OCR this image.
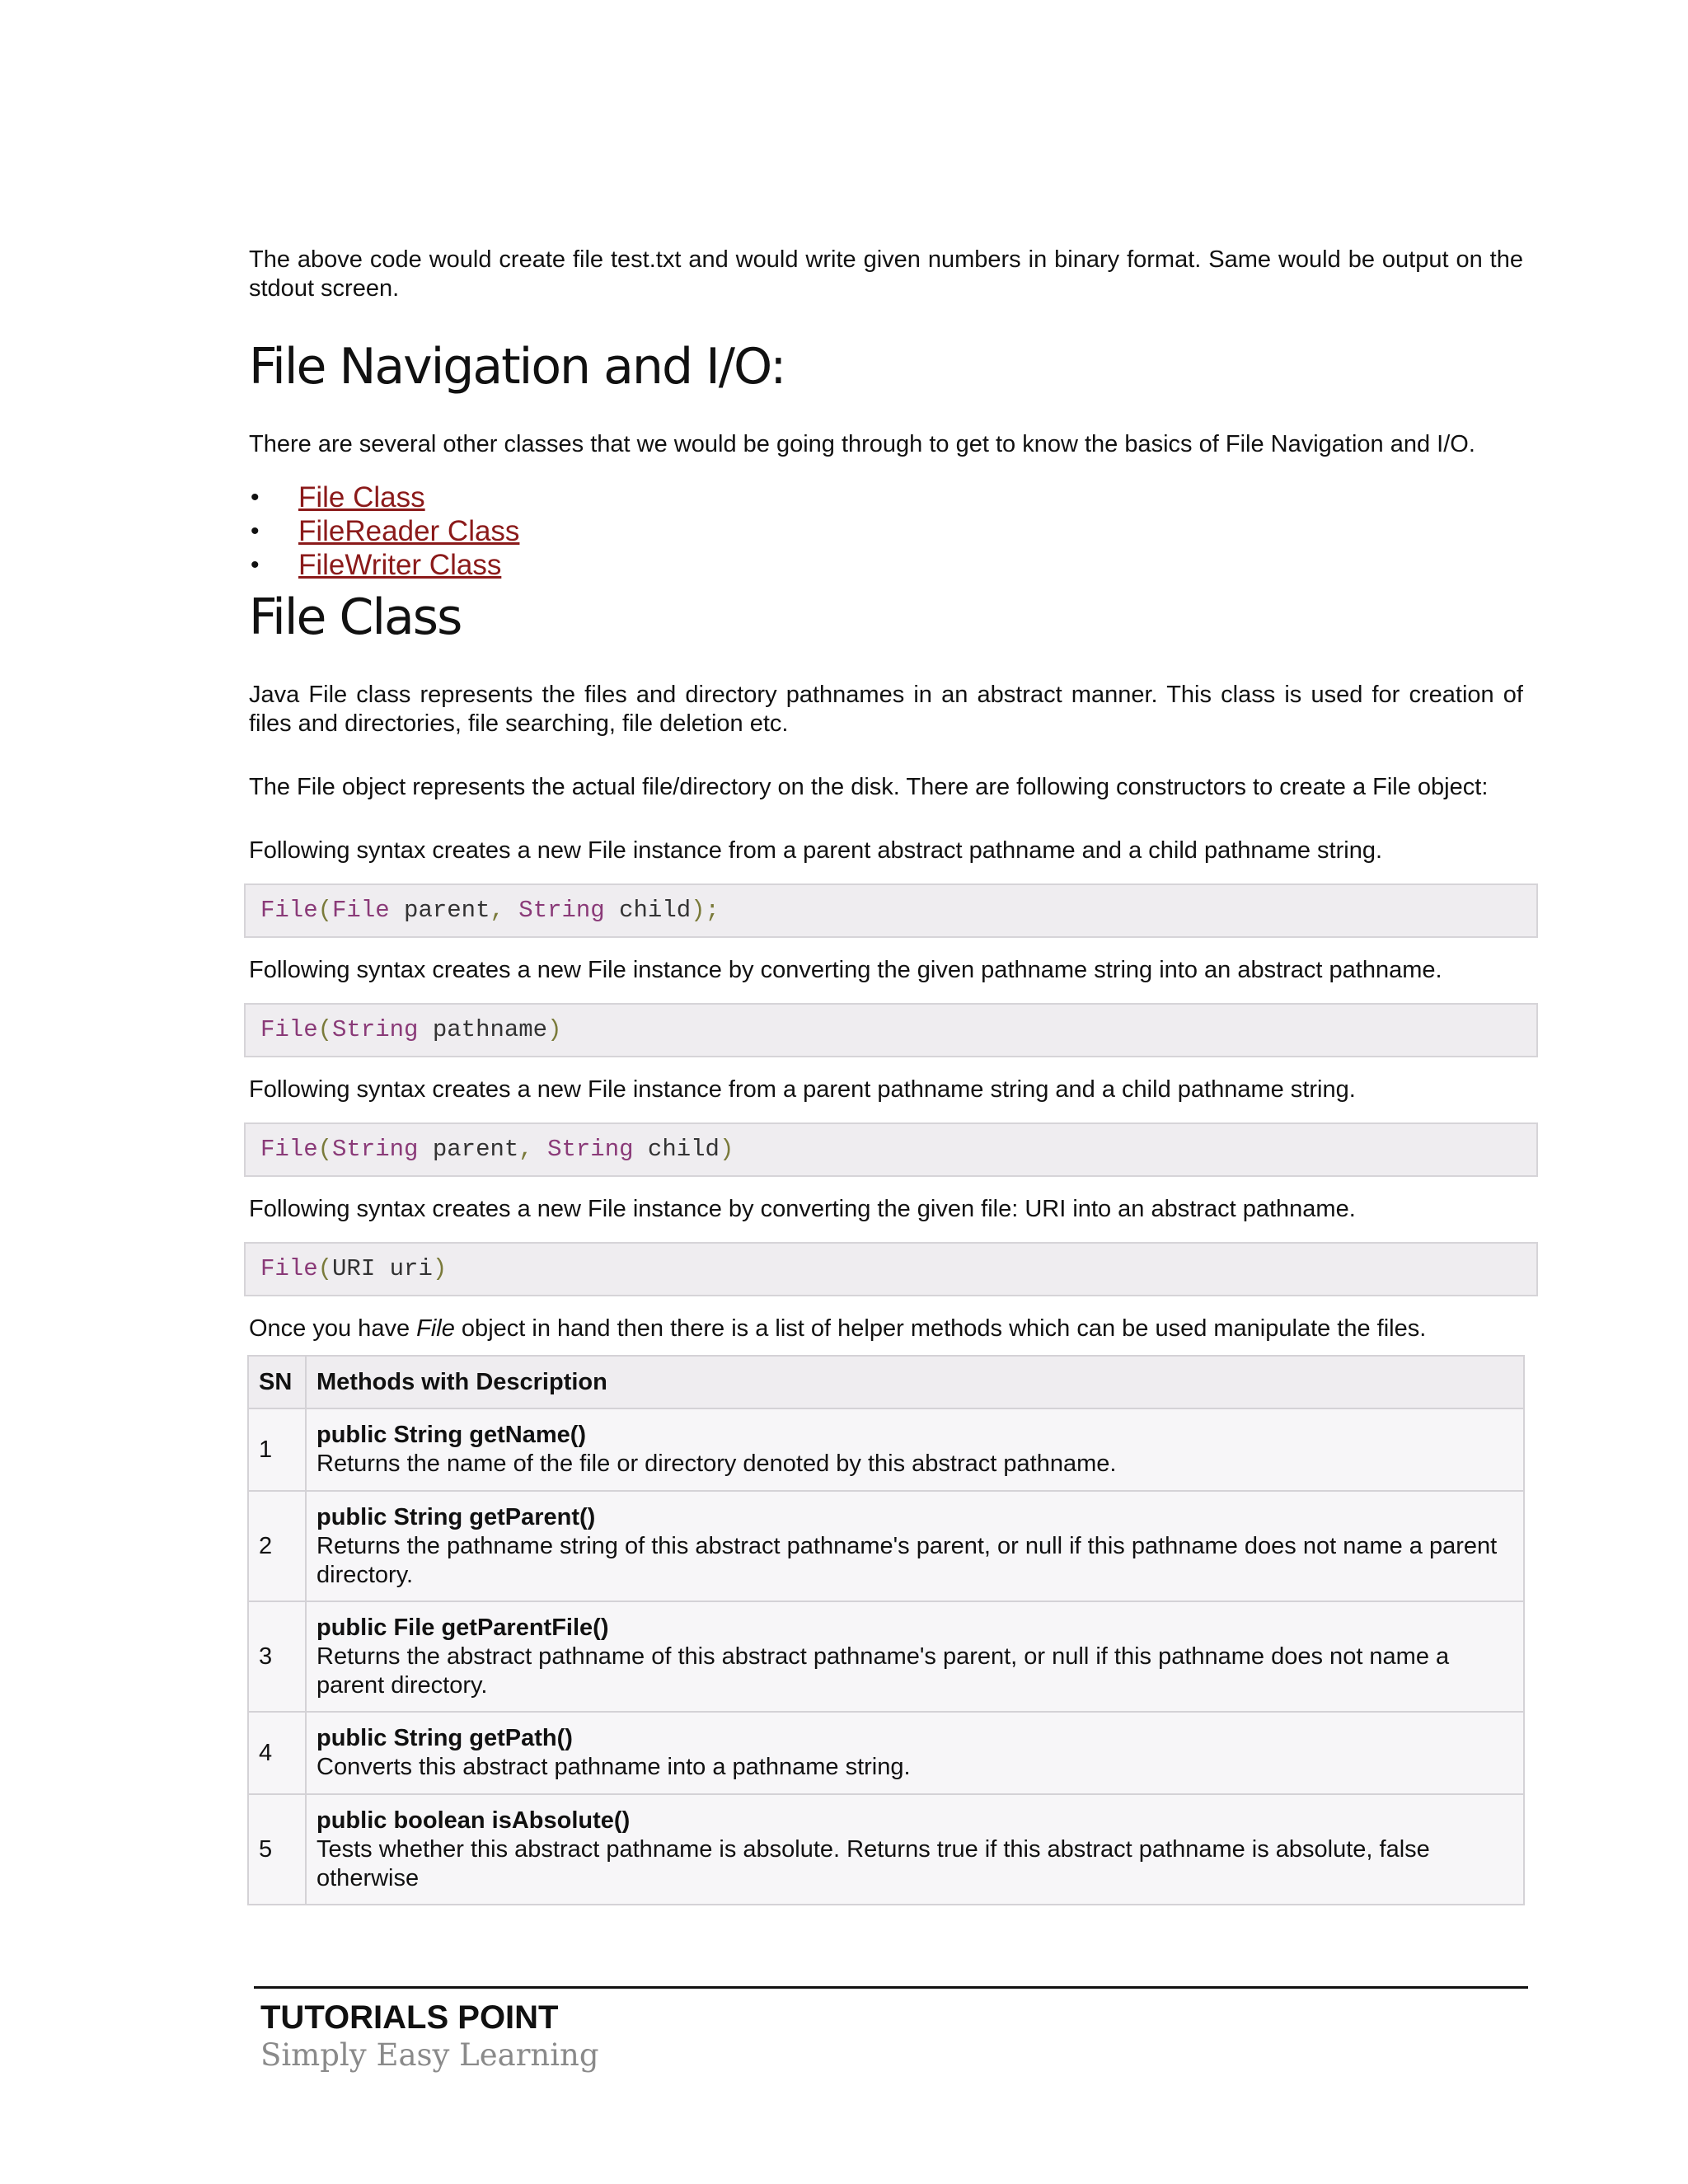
The above code would create file test.txt and would write given numbers in binary format. Same would be output on the stdout screen.

File Navigation and I/O:

There are several other classes that we would be going through to get to know the basics of File Navigation and I/O.

• File Class
• FileReader Class
• FileWriter Class
File Class

Java File class represents the files and directory pathnames in an abstract manner. This class is used for creation of files and directories, file searching, file deletion etc.

The File object represents the actual file/directory on the disk. There are following constructors to create a File object:

Following syntax creates a new File instance from a parent abstract pathname and a child pathname string.

File(File parent, String child);

Following syntax creates a new File instance by converting the given pathname string into an abstract pathname.

File(String pathname)

Following syntax creates a new File instance from a parent pathname string and a child pathname string.

File(String parent, String child)

Following syntax creates a new File instance by converting the given file: URI into an abstract pathname.

File(URI uri)

Once you have File object in hand then there is a list of helper methods which can be used manipulate the files.

SN	Methods with Description
1	public String getName()
Returns the name of the file or directory denoted by this abstract pathname.
2	public String getParent()
Returns the pathname string of this abstract pathname's parent, or null if this pathname does not name a parent directory.
3	public File getParentFile()
Returns the abstract pathname of this abstract pathname's parent, or null if this pathname does not name a parent directory.
4	public String getPath()
Converts this abstract pathname into a pathname string.
5	public boolean isAbsolute()
Tests whether this abstract pathname is absolute. Returns true if this abstract pathname is absolute, false otherwise
TUTORIALS POINT
Simply Easy Learning
